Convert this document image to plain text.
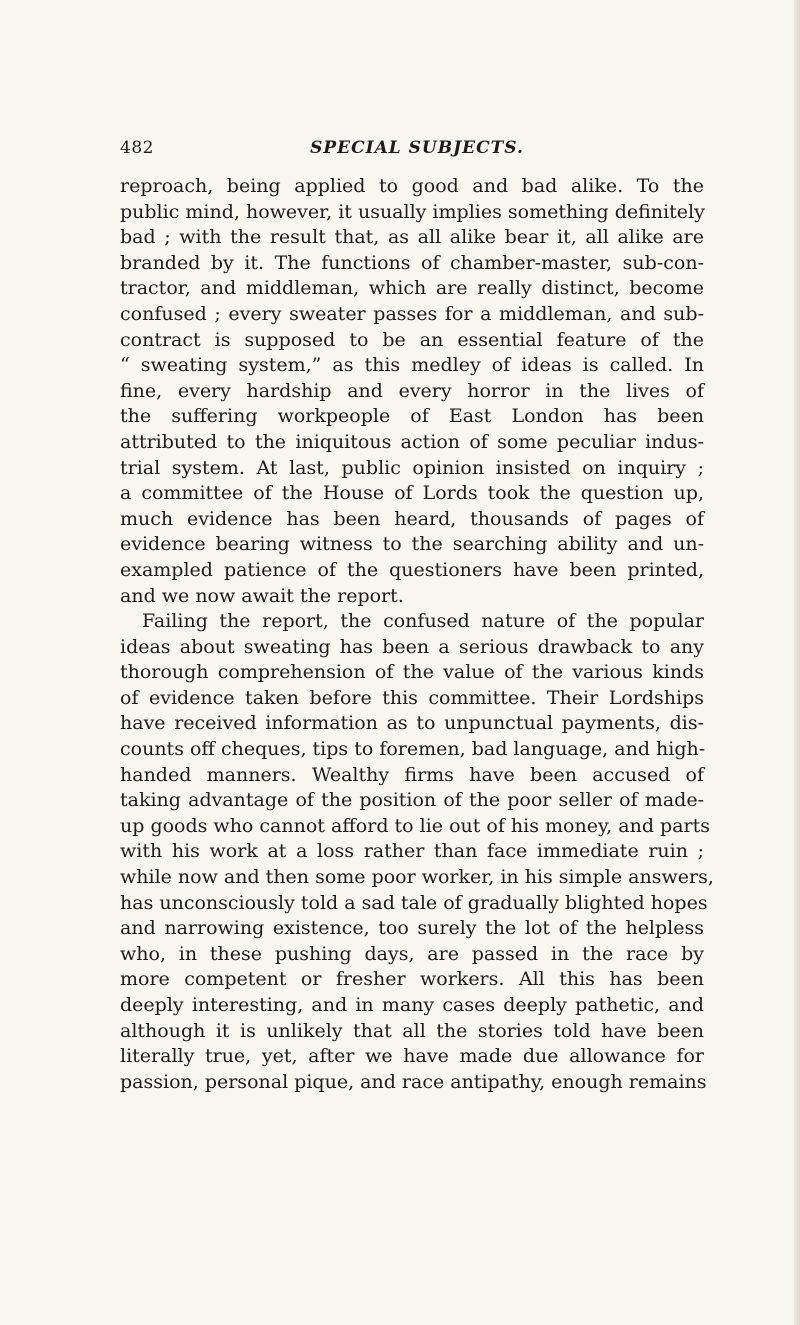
482	SPECIAL SUBJECTS.
reproach, being applied to good and bad alike. To the
public mind, however, it usually implies something definitely
bad ; with the result that, as all alike bear it, all alike are
branded by it. The functions of chamber-master, sub-con-
tractor, and middleman, which are really distinct, become
confused ; every sweater passes for a middleman, and sub-
contract is supposed to be an essential feature of the
“ sweating system,” as this medley of ideas is called. In
fine, every hardship and every horror in the lives of
the suffering workpeople of East London has been
attributed to the iniquitous action of some peculiar indus-
trial system. At last, public opinion insisted on inquiry ;
a committee of the House of Lords took the question up,
much evidence has been heard, thousands of pages of
evidence bearing witness to the searching ability and un-
exampled patience of the questioners have been printed,
and we now await the report.
Failing the report, the confused nature of the popular
ideas about sweating has been a serious drawback to any
thorough comprehension of the value of the various kinds
of evidence taken before this committee. Their Lordships
have received information as to unpunctual payments, dis-
counts off cheques, tips to foremen, bad language, and high-
handed manners. Wealthy firms have been accused of
taking advantage of the position of the poor seller of made-
up goods who cannot afford to lie out of his money, and parts
with his work at a loss rather than face immediate ruin ;
while now and then some poor worker, in his simple answers,
has unconsciously told a sad tale of gradually blighted hopes
and narrowing existence, too surely the lot of the helpless
who, in these pushing days, are passed in the race by
more competent or fresher workers. All this has been
deeply interesting, and in many cases deeply pathetic, and
although it is unlikely that all the stories told have been
literally true, yet, after we have made due allowance for
passion, personal pique, and race antipathy, enough remains
